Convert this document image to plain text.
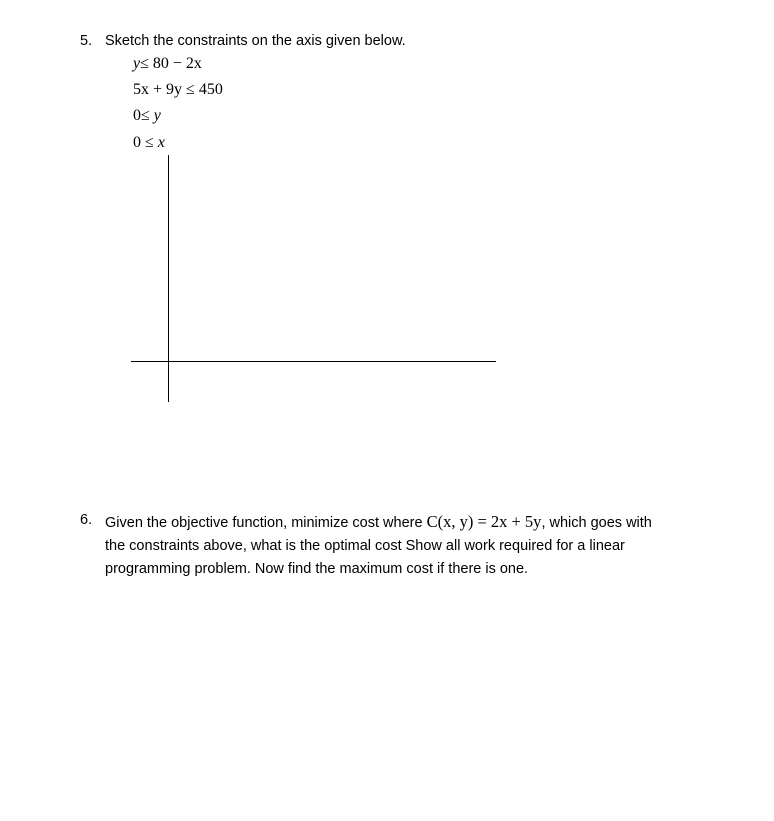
5. Sketch the constraints on the axis given below.
y≤ 80 − 2x
5x + 9y ≤ 450
0≤ y
0 ≤ x
6. Given the objective function, minimize cost where C(x, y) = 2x + 5y, which goes with
the constraints above, what is the optimal cost Show all work required for a linear
programming problem. Now find the maximum cost if there is one.
